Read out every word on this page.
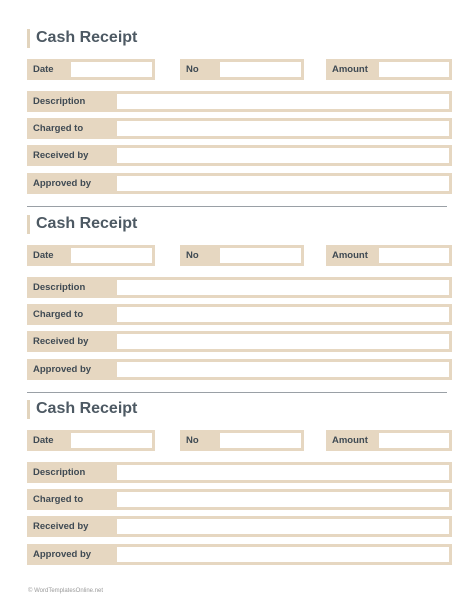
Cash Receipt
Date	No	Amount
Description
Charged to
Received by
Approved by
Cash Receipt
Date	No	Amount
Description
Charged to
Received by
Approved by
Cash Receipt
Date	No	Amount
Description
Charged to
Received by
Approved by
© WordTemplatesOnline.net
